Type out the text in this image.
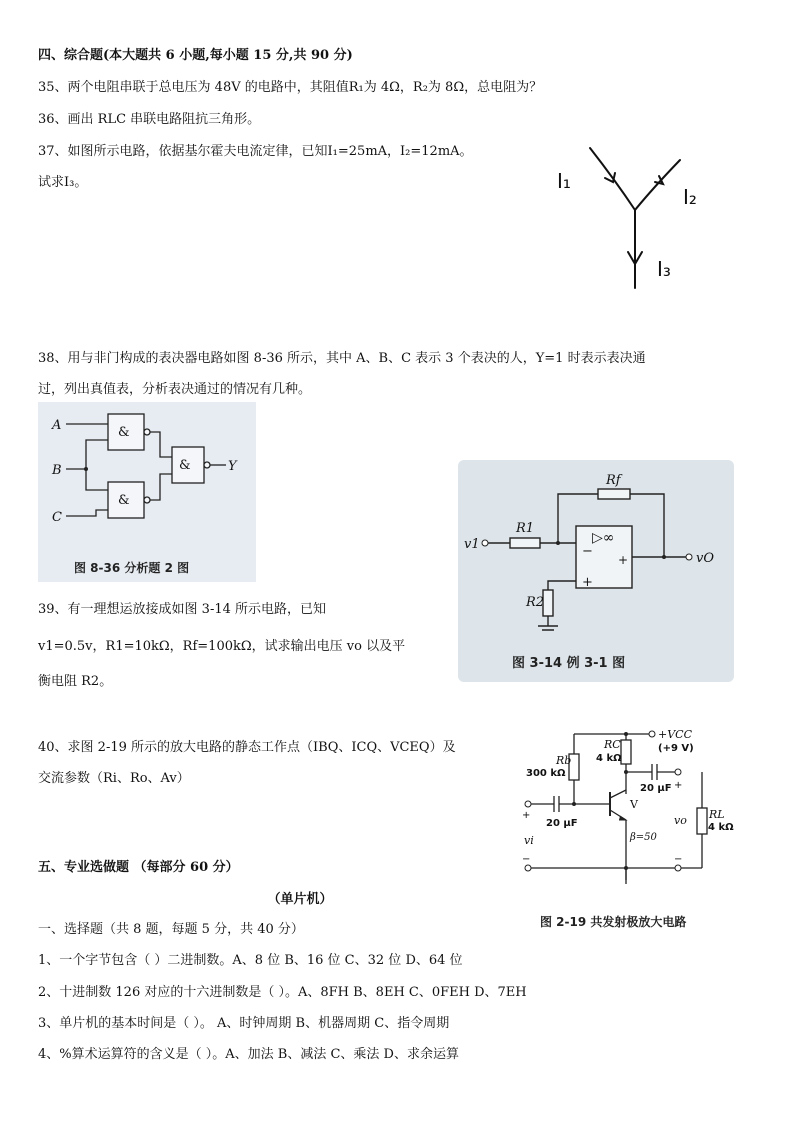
四、综合题(本大题共 6 小题,每小题 15 分,共 90 分)
35、两个电阻串联于总电压为 48V 的电路中，其阻值R₁为 4Ω，R₂为 8Ω，总电阻为？
36、画出 RLC 串联电路阻抗三角形。
37、如图所示电路，依据基尔霍夫电流定律，已知I₁=25mA，I₂=12mA。
试求I₃。	I₁
I₂
I₃
38、用与非门构成的表决器电路如图 8-36 所示，其中 A、B、C 表示 3 个表决的人，Y=1 时表示表决通
过，列出真值表，分析表决通过的情况有几种。
&
&
&
A
B
C
Y
图 8-36 分析题 2 图
▷∞
−
+
+
Rf
R1
R2
v1
vO
图 3-14 例 3-1 图
39、有一理想运放接成如图 3-14 所示电路，已知
v1=0.5v，R1=10kΩ，Rf=100kΩ，试求输出电压 vo 以及平
衡电阻 R2。
40、求图 2-19 所示的放大电路的静态工作点（IBQ、ICQ、VCEQ）及
交流参数（Ri、Ro、Av）
+VCC
(+9 V)
Rb
300 kΩ
RC
4 kΩ
20 μF
20 μF
V
β=50
vi
+
−
vo
+
−
RL
4 kΩ
图 2-19 共发射极放大电路
五、专业选做题 （每部分 60 分）
（单片机）
一、选择题（共 8 题，每题 5 分，共 40 分）
1、一个字节包含（ ）二进制数。A、8 位 B、16 位 C、32 位 D、64 位
2、十进制数 126 对应的十六进制数是（ ）。A、8FH B、8EH C、0FEH D、7EH
3、单片机的基本时间是（ ）。 A、时钟周期 B、机器周期 C、指令周期
4、%算术运算符的含义是（ ）。A、加法 B、减法 C、乘法 D、求余运算
